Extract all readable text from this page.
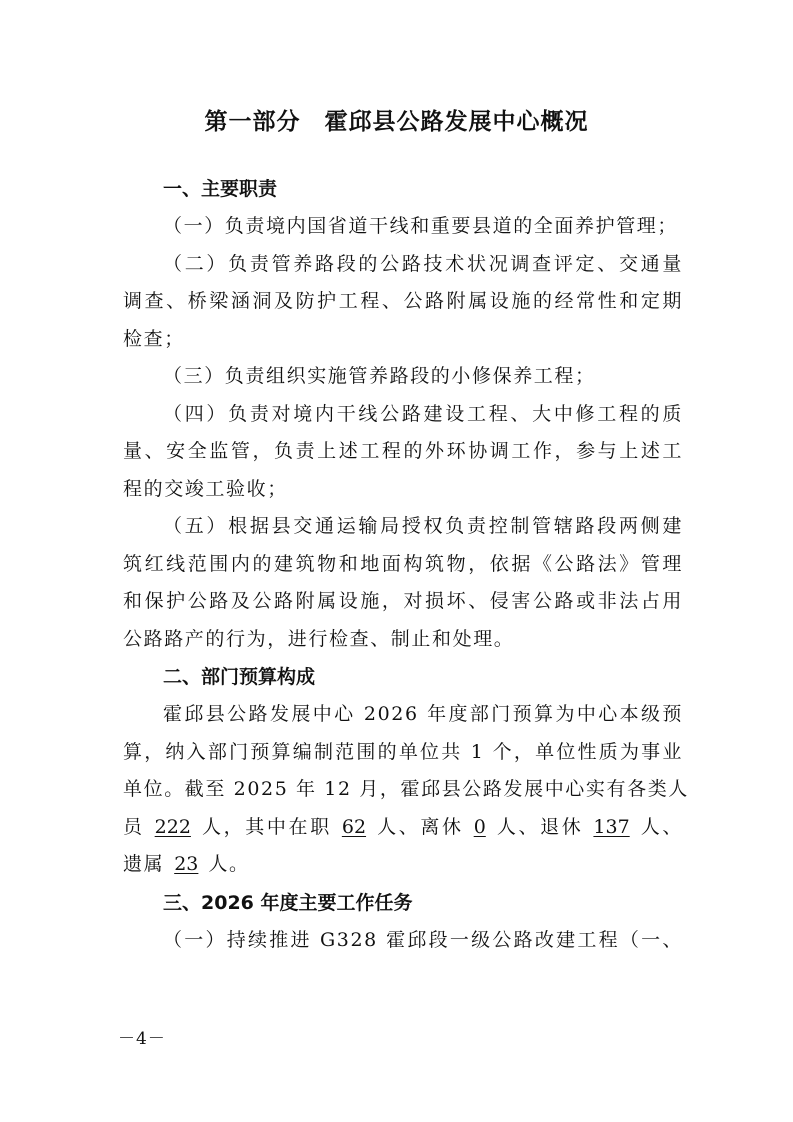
第一部分　霍邱县公路发展中心概况
一、主要职责
（一）负责境内国省道干线和重要县道的全面养护管理；
（二）负责管养路段的公路技术状况调查评定、交通量
调查、桥梁涵洞及防护工程、公路附属设施的经常性和定期
检查；
（三）负责组织实施管养路段的小修保养工程；
（四）负责对境内干线公路建设工程、大中修工程的质
量、安全监管，负责上述工程的外环协调工作，参与上述工
程的交竣工验收；
（五）根据县交通运输局授权负责控制管辖路段两侧建
筑红线范围内的建筑物和地面构筑物，依据《公路法》管理
和保护公路及公路附属设施，对损坏、侵害公路或非法占用
公路路产的行为，进行检查、制止和处理。
二、部门预算构成
霍邱县公路发展中心 2026 年度部门预算为中心本级预
算，纳入部门预算编制范围的单位共 1 个，单位性质为事业
单位。截至 2025 年 12 月，霍邱县公路发展中心实有各类人
员 222 人，其中在职 62 人、离休 0 人、退休 137 人、
遗属 23 人。
三、2026 年度主要工作任务
（一）持续推进 G328 霍邱段一级公路改建工程（一、
－4－
